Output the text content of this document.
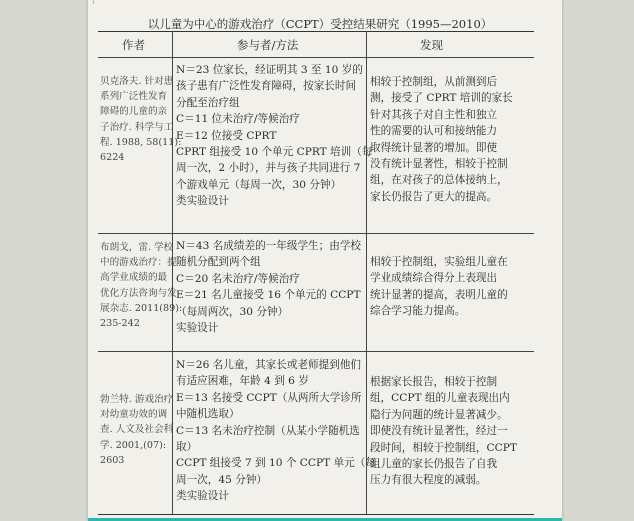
¹
以儿童为中心的游戏治疗（CCPT）受控结果研究（1995—2010）
作者	参与者/方法	发现
贝克洛夫. 针对患
系列广泛性发育
障碍的儿童的亲
子治疗. 科学与工
程. 1988, 58(11):
6224
N＝23 位家长，经证明其 3 至 10 岁的
孩子患有广泛性发育障碍，按家长时间
分配至治疗组
C＝11 位未治疗/等候治疗
E＝12 位接受 CPRT
CPRT 组接受 10 个单元 CPRT 培训（每
周一次，2 小时），并与孩子共同进行 7
个游戏单元（每周一次，30 分钟）
类实验设计
相较于控制组，从前测到后
测，接受了 CPRT 培训的家长
针对其孩子对自主性和独立
性的需要的认可和接纳能力
取得统计显著的增加。即使
没有统计显著性，相较于控制
组，在对孩子的总体接纳上，
家长仍报告了更大的提高。
布朗戈，雷. 学校
中的游戏治疗：提
高学业成绩的最
优化方法咨询与发
展杂志. 2011(89):
235-242
N＝43 名成绩差的一年级学生；由学校
随机分配到两个组
C＝20 名未治疗/等候治疗
E＝21 名儿童接受 16 个单元的 CCPT
（每周两次，30 分钟）
实验设计
相较于控制组，实验组儿童在
学业成绩综合得分上表现出
统计显著的提高，表明儿童的
综合学习能力提高。
勃兰特. 游戏治疗
对幼童功效的调
查. 人文及社会科
学. 2001,(07):
2603
N＝26 名儿童，其家长或老师提到他们
有适应困难，年龄 4 到 6 岁
E＝13 名接受 CCPT（从两所大学诊所
中随机选取）
C＝13 名未治疗控制（从某小学随机选
取）
CCPT 组接受 7 到 10 个 CCPT 单元（每
周一次，45 分钟）
类实验设计
根据家长报告，相较于控制
组，CCPT 组的儿童表现出内
隐行为问题的统计显著减少。
即使没有统计显著性，经过一
段时间，相较于控制组，CCPT
组儿童的家长仍报告了自我
压力有很大程度的减弱。
